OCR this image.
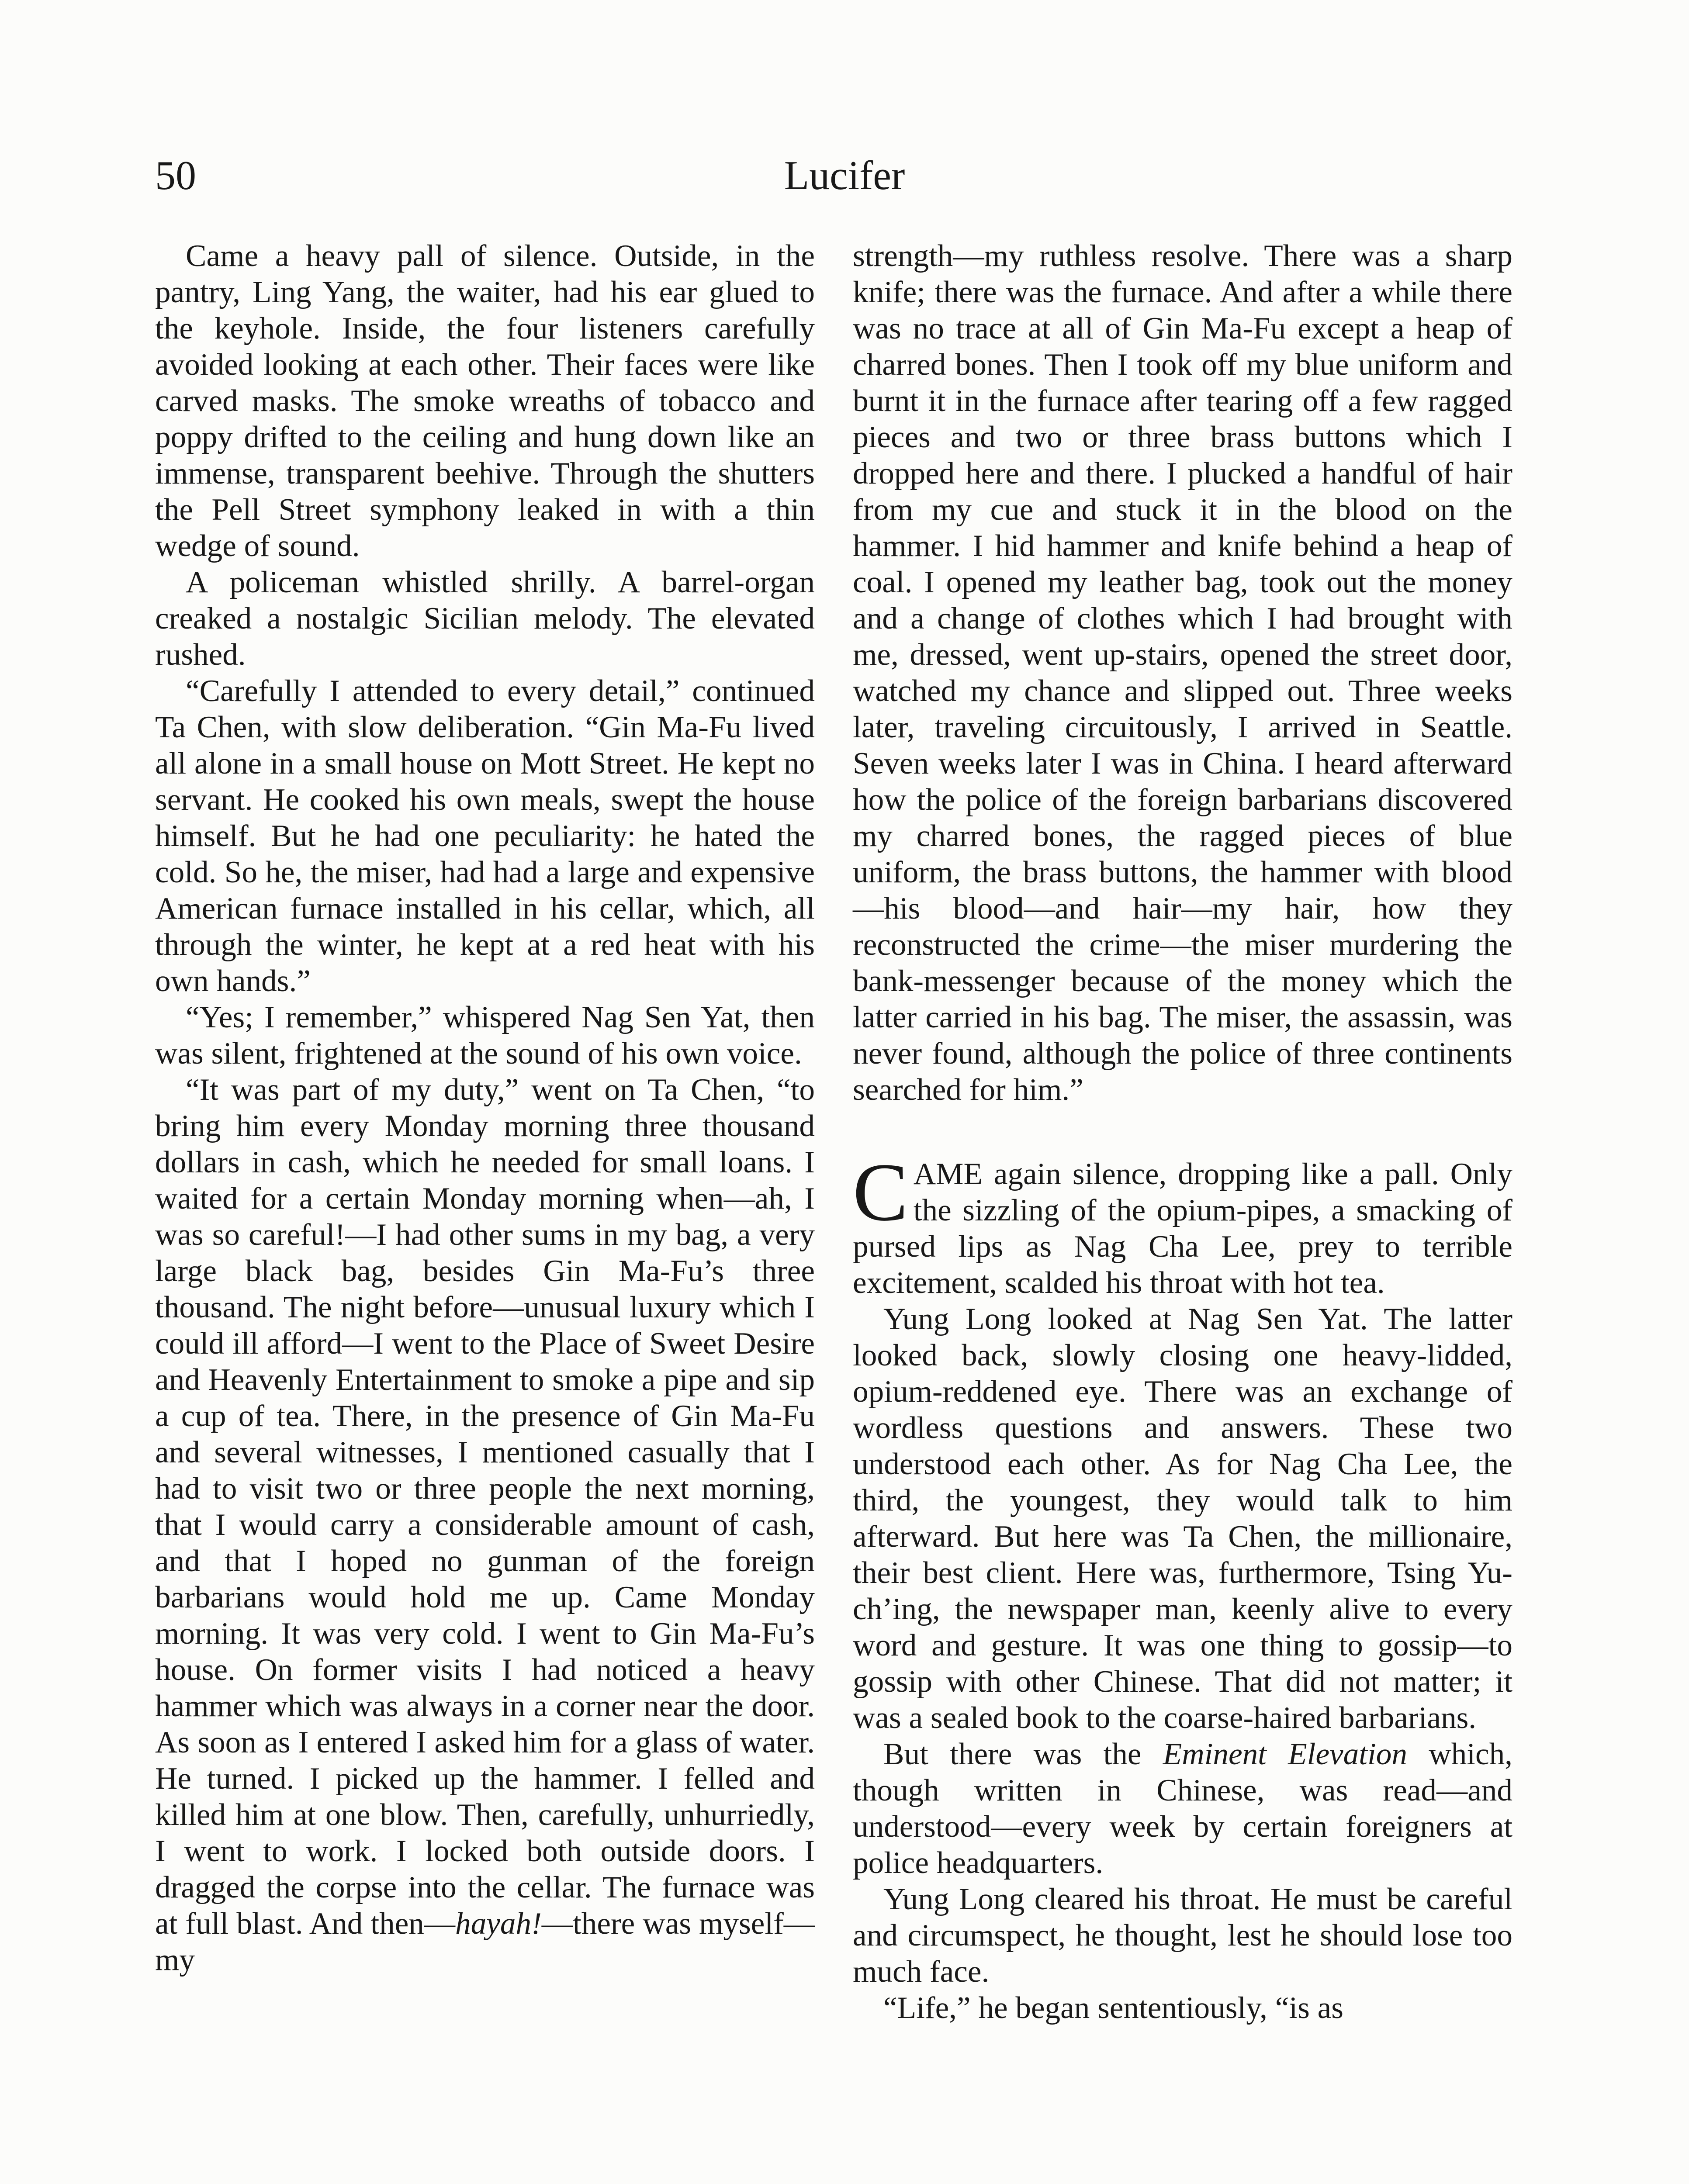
50	Lucifer

Came a heavy pall of silence. Outside, in the pantry, Ling Yang, the waiter, had his ear glued to the keyhole. Inside, the four listeners carefully avoided looking at each other. Their faces were like carved masks. The smoke wreaths of tobacco and poppy drifted to the ceiling and hung down like an immense, transparent beehive. Through the shutters the Pell Street symphony leaked in with a thin wedge of sound.

A policeman whistled shrilly. A barrel-organ creaked a nostalgic Sicilian melody. The elevated rushed.

“Carefully I attended to every detail,” continued Ta Chen, with slow deliberation. “Gin Ma-Fu lived all alone in a small house on Mott Street. He kept no servant. He cooked his own meals, swept the house himself. But he had one peculiarity: he hated the cold. So he, the miser, had had a large and expensive American furnace installed in his cellar, which, all through the winter, he kept at a red heat with his own hands.”

“Yes; I remember,” whispered Nag Sen Yat, then was silent, frightened at the sound of his own voice.

“It was part of my duty,” went on Ta Chen, “to bring him every Monday morning three thousand dollars in cash, which he needed for small loans. I waited for a certain Monday morning when—ah, I was so careful!—I had other sums in my bag, a very large black bag, besides Gin Ma-Fu’s three thousand. The night before—unusual luxury which I could ill afford—I went to the Place of Sweet Desire and Heavenly Entertainment to smoke a pipe and sip a cup of tea. There, in the presence of Gin Ma-Fu and several witnesses, I mentioned casually that I had to visit two or three people the next morning, that I would carry a considerable amount of cash, and that I hoped no gunman of the foreign barbarians would hold me up. Came Monday morning. It was very cold. I went to Gin Ma-Fu’s house. On former visits I had noticed a heavy hammer which was always in a corner near the door. As soon as I entered I asked him for a glass of water. He turned. I picked up the hammer. I felled and killed him at one blow. Then, carefully, unhurriedly, I went to work. I locked both outside doors. I dragged the corpse into the cellar. The furnace was at full blast. And then—hayah!—there was myself—my

strength—my ruthless resolve. There was a sharp knife; there was the furnace. And after a while there was no trace at all of Gin Ma-Fu except a heap of charred bones. Then I took off my blue uniform and burnt it in the furnace after tearing off a few ragged pieces and two or three brass buttons which I dropped here and there. I plucked a handful of hair from my cue and stuck it in the blood on the hammer. I hid hammer and knife behind a heap of coal. I opened my leather bag, took out the money and a change of clothes which I had brought with me, dressed, went up-stairs, opened the street door, watched my chance and slipped out. Three weeks later, traveling circuitously, I arrived in Seattle. Seven weeks later I was in China. I heard afterward how the police of the foreign barbarians discovered my charred bones, the ragged pieces of blue uniform, the brass buttons, the hammer with blood—his blood—and hair—my hair, how they reconstructed the crime—the miser murdering the bank-messenger because of the money which the latter carried in his bag. The miser, the assassin, was never found, although the police of three continents searched for him.”

CAME again silence, dropping like a pall. Only the sizzling of the opium-pipes, a smacking of pursed lips as Nag Cha Lee, prey to terrible excitement, scalded his throat with hot tea.

Yung Long looked at Nag Sen Yat. The latter looked back, slowly closing one heavy-lidded, opium-reddened eye. There was an exchange of wordless questions and answers. These two understood each other. As for Nag Cha Lee, the third, the youngest, they would talk to him afterward. But here was Ta Chen, the millionaire, their best client. Here was, furthermore, Tsing Yu-ch’ing, the newspaper man, keenly alive to every word and gesture. It was one thing to gossip—to gossip with other Chinese. That did not matter; it was a sealed book to the coarse-haired barbarians.

But there was the Eminent Elevation which, though written in Chinese, was read—and understood—every week by certain foreigners at police headquarters.

Yung Long cleared his throat. He must be careful and circumspect, he thought, lest he should lose too much face.

“Life,” he began sententiously, “is as
